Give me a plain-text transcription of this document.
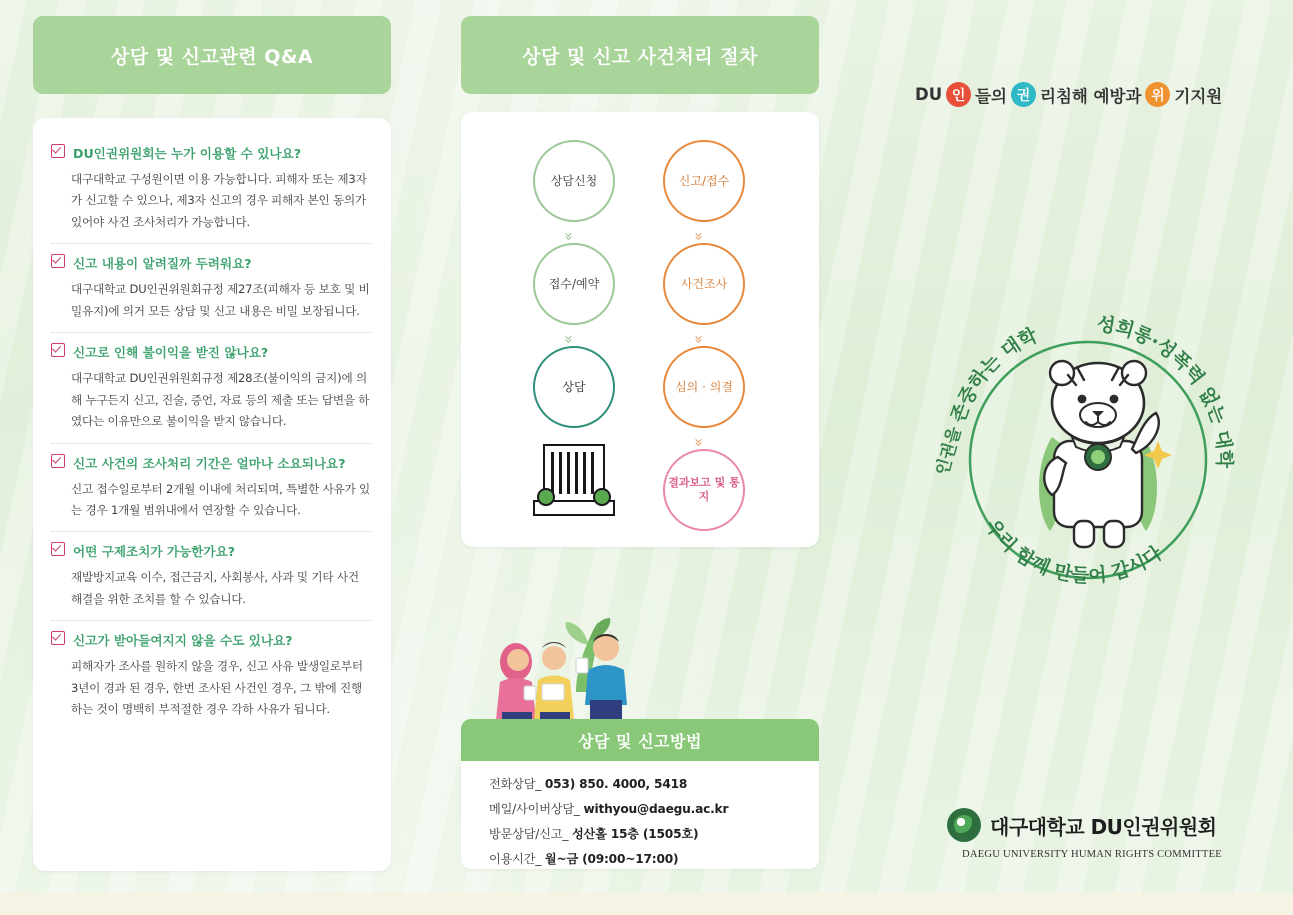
상담 및 신고관련 Q&A
DU인권위원회는 누가 이용할 수 있나요?
대구대학교 구성원이면 이용 가능합니다. 피해자 또는 제3자가 신고할 수 있으나, 제3자 신고의 경우 피해자 본인 동의가 있어야 사건 조사처리가 가능합니다.
신고 내용이 알려질까 두려워요?
대구대학교 DU인권위원회규정 제27조(피해자 등 보호 및 비밀유지)에 의거 모든 상담 및 신고 내용은 비밀 보장됩니다.
신고로 인해 불이익을 받진 않나요?
대구대학교 DU인권위원회규정 제28조(불이익의 금지)에 의해 누구든지 신고, 진술, 증언, 자료 등의 제출 또는 답변을 하였다는 이유만으로 불이익을 받지 않습니다.
신고 사건의 조사처리 기간은 얼마나 소요되나요?
신고 접수일로부터 2개월 이내에 처리되며, 특별한 사유가 있는 경우 1개월 범위내에서 연장할 수 있습니다.
어떤 구제조치가 가능한가요?
재발방지교육 이수, 접근금지, 사회봉사, 사과 및 기타 사건 해결을 위한 조치를 할 수 있습니다.
신고가 받아들여지지 않을 수도 있나요?
피해자가 조사를 원하지 않을 경우, 신고 사유 발생일로부터 3년이 경과 된 경우, 한번 조사된 사건인 경우, 그 밖에 진행하는 것이 명백히 부적절한 경우 각하 사유가 됩니다.
상담 및 신고 사건처리 절차
상담신청
»
접수/예약
»
상담
신고/접수
»
사건조사
»
심의 · 의결
»
결과보고 및 통지
상담 및 신고방법
전화상담_ 053) 850. 4000, 5418
메일/사이버상담_ withyou@daegu.ac.kr
방문상담/신고_ 성산홀 15층 (1505호)
이용시간_ 월~금 (09:00~17:00)
DU 인 들의 권 리침해 예방과 위 기지원
존중하는 대학	성희롱·성폭력 없는 대학
우리 함께 만들어 갑시다
인권을
대구대학교 DU인권위원회
DAEGU UNIVERSITY HUMAN RIGHTS COMMITTEE
